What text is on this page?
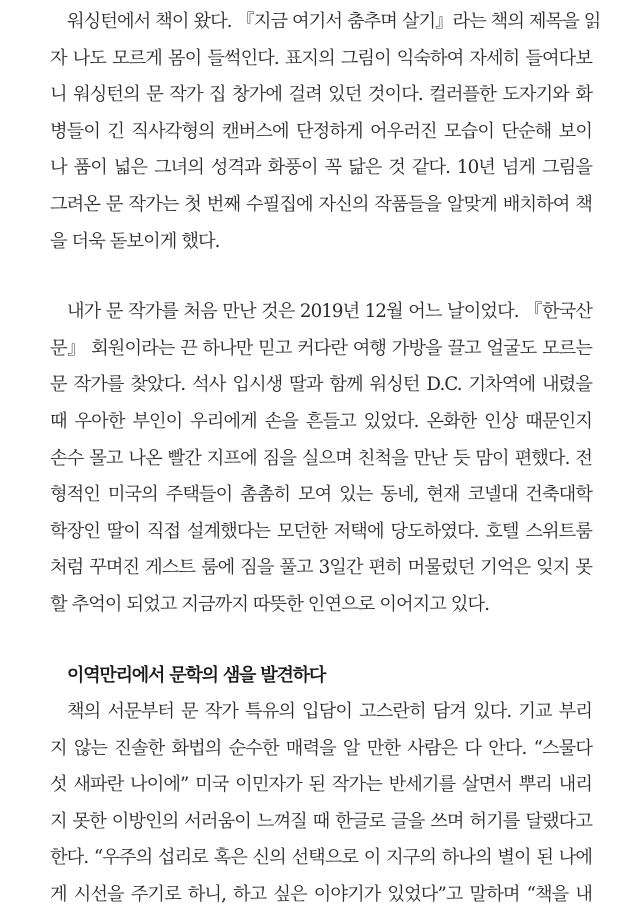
워싱턴에서 책이 왔다. 『지금 여기서 춤추며 살기』라는 책의 제목을 읽
자 나도 모르게 몸이 들썩인다. 표지의 그림이 익숙하여 자세히 들여다보
니 워싱턴의 문 작가 집 창가에 걸려 있던 것이다. 컬러플한 도자기와 화
병들이 긴 직사각형의 캔버스에 단정하게 어우러진 모습이 단순해 보이
나 품이 넓은 그녀의 성격과 화풍이 꼭 닮은 것 같다. 10년 넘게 그림을
그려온 문 작가는 첫 번째 수필집에 자신의 작품들을 알맞게 배치하여 책
을 더욱 돋보이게 했다.
내가 문 작가를 처음 만난 것은 2019년 12월 어느 날이었다. 『한국산
문』 회원이라는 끈 하나만 믿고 커다란 여행 가방을 끌고 얼굴도 모르는
문 작가를 찾았다. 석사 입시생 딸과 함께 워싱턴 D.C. 기차역에 내렸을
때 우아한 부인이 우리에게 손을 흔들고 있었다. 온화한 인상 때문인지
손수 몰고 나온 빨간 지프에 짐을 실으며 친척을 만난 듯 맘이 편했다. 전
형적인 미국의 주택들이 촘촘히 모여 있는 동네, 현재 코넬대 건축대학
학장인 딸이 직접 설계했다는 모던한 저택에 당도하였다. 호텔 스위트룸
처럼 꾸며진 게스트 룸에 짐을 풀고 3일간 편히 머물렀던 기억은 잊지 못
할 추억이 되었고 지금까지 따뜻한 인연으로 이어지고 있다.
이역만리에서 문학의 샘을 발견하다
책의 서문부터 문 작가 특유의 입담이 고스란히 담겨 있다. 기교 부리
지 않는 진솔한 화법의 순수한 매력을 알 만한 사람은 다 안다. “스물다
섯 새파란 나이에” 미국 이민자가 된 작가는 반세기를 살면서 뿌리 내리
지 못한 이방인의 서러움이 느껴질 때 한글로 글을 쓰며 허기를 달랬다고
한다. “우주의 섭리로 혹은 신의 선택으로 이 지구의 하나의 별이 된 나에
게 시선을 주기로 하니, 하고 싶은 이야기가 있었다”고 말하며 “책을 내
